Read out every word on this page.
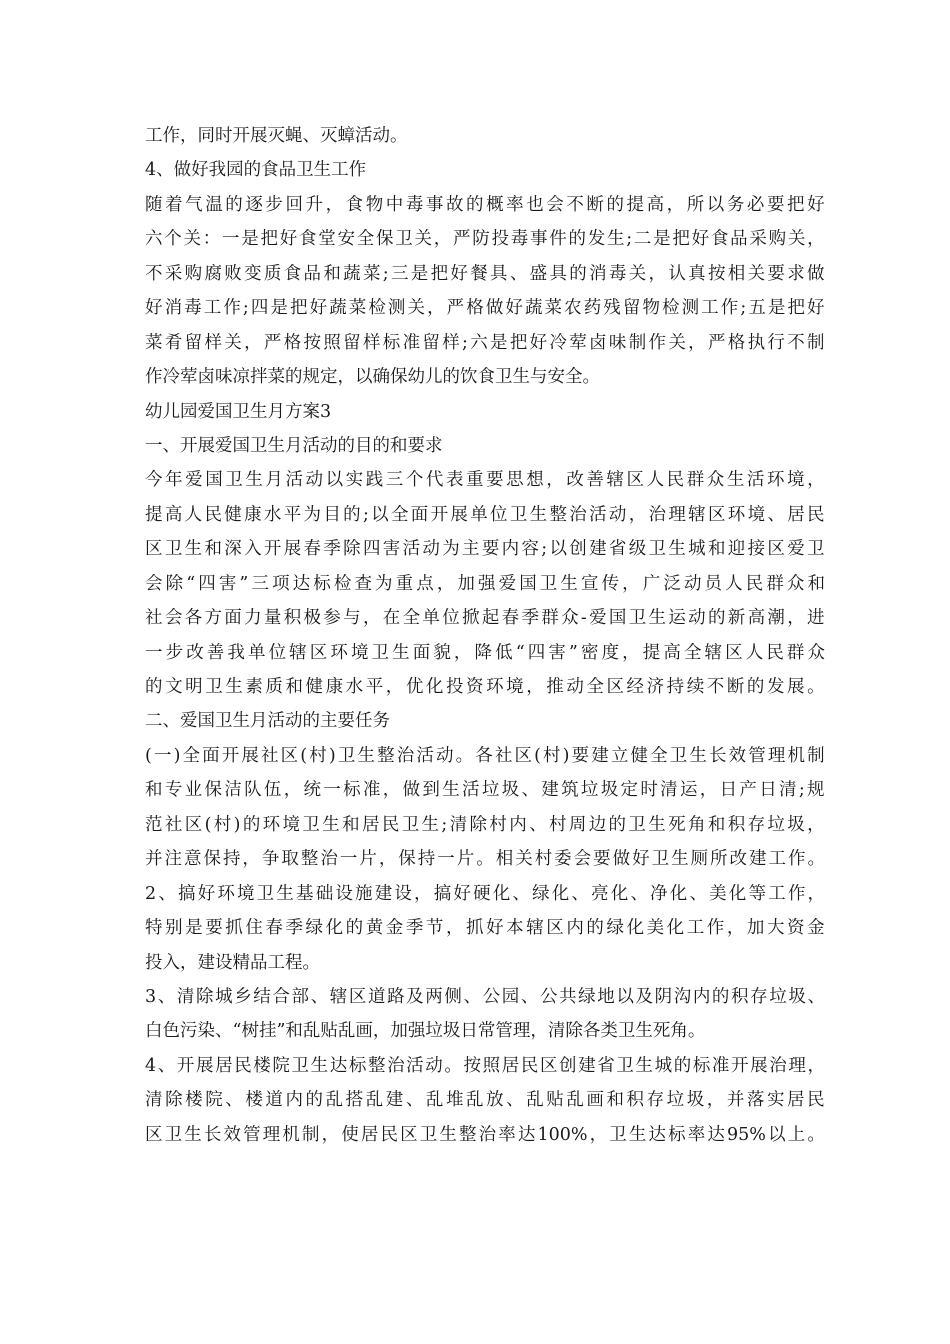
工作，同时开展灭蝇、灭蟑活动。
4、做好我园的食品卫生工作
随 着 气 温 的 逐 步 回 升 ， 食 物 中 毒 事 故 的 概 率 也 会 不 断 的 提 高 ， 所 以 务 必 要 把 好
六 个 关 ： 一 是 把 好 食 堂 安 全 保 卫 关 ， 严 防 投 毒 事 件 的 发 生 ; 二 是 把 好 食 品 采 购 关 ，
不 采 购 腐 败 变 质 食 品 和 蔬 菜 ; 三 是 把 好 餐 具 、 盛 具 的 消 毒 关 ， 认 真 按 相 关 要 求 做
好 消 毒 工 作 ; 四 是 把 好 蔬 菜 检 测 关 ， 严 格 做 好 蔬 菜 农 药 残 留 物 检 测 工 作 ; 五 是 把 好
菜 肴 留 样 关 ， 严 格 按 照 留 样 标 准 留 样 ; 六 是 把 好 冷 荤 卤 味 制 作 关 ， 严 格 执 行 不 制
作冷荤卤味凉拌菜的规定，以确保幼儿的饮食卫生与安全。
幼儿园爱国卫生月方案3
一、开展爱国卫生月活动的目的和要求
今 年 爱 国 卫 生 月 活 动 以 实 践 三 个 代 表 重 要 思 想 ， 改 善 辖 区 人 民 群 众 生 活 环 境 ，
提 高 人 民 健 康 水 平 为 目 的 ; 以 全 面 开 展 单 位 卫 生 整 治 活 动 ， 治 理 辖 区 环 境 、 居 民
区 卫 生 和 深 入 开 展 春 季 除 四 害 活 动 为 主 要 内 容 ; 以 创 建 省 级 卫 生 城 和 迎 接 区 爱 卫
会 除 “ 四 害 ” 三 项 达 标 检 查 为 重 点 ， 加 强 爱 国 卫 生 宣 传 ， 广 泛 动 员 人 民 群 众 和
社 会 各 方 面 力 量 积 极 参 与 ， 在 全 单 位 掀 起 春 季 群 众 - 爱 国 卫 生 运 动 的 新 高 潮 ， 进
一 步 改 善 我 单 位 辖 区 环 境 卫 生 面 貌 ， 降 低 “ 四 害 ” 密 度 ， 提 高 全 辖 区 人 民 群 众
的 文 明 卫 生 素 质 和 健 康 水 平 ， 优 化 投 资 环 境 ， 推 动 全 区 经 济 持 续 不 断 的 发 展 。
二、爱国卫生月活动的主要任务
( 一 ) 全 面 开 展 社 区 ( 村 ) 卫 生 整 治 活 动 。 各 社 区 ( 村 ) 要 建 立 健 全 卫 生 长 效 管 理 机 制
和 专 业 保 洁 队 伍 ， 统 一 标 准 ， 做 到 生 活 垃 圾 、 建 筑 垃 圾 定 时 清 运 ， 日 产 日 清 ; 规
范 社 区 ( 村 ) 的 环 境 卫 生 和 居 民 卫 生 ; 清 除 村 内 、 村 周 边 的 卫 生 死 角 和 积 存 垃 圾 ，
并 注 意 保 持 ， 争 取 整 治 一 片 ， 保 持 一 片 。 相 关 村 委 会 要 做 好 卫 生 厕 所 改 建 工 作 。
2 、 搞 好 环 境 卫 生 基 础 设 施 建 设 ， 搞 好 硬 化 、 绿 化 、 亮 化 、 净 化 、 美 化 等 工 作 ，
特 别 是 要 抓 住 春 季 绿 化 的 黄 金 季 节 ， 抓 好 本 辖 区 内 的 绿 化 美 化 工 作 ， 加 大 资 金
投入，建设精品工程。
3 、 清 除 城 乡 结 合 部 、 辖 区 道 路 及 两 侧 、 公 园 、 公 共 绿 地 以 及 阴 沟 内 的 积 存 垃 圾 、
白色污染、“树挂”和乱贴乱画，加强垃圾日常管理，清除各类卫生死角。
4 、 开 展 居 民 楼 院 卫 生 达 标 整 治 活 动 。 按 照 居 民 区 创 建 省 卫 生 城 的 标 准 开 展 治 理 ，
清 除 楼 院 、 楼 道 内 的 乱 搭 乱 建 、 乱 堆 乱 放 、 乱 贴 乱 画 和 积 存 垃 圾 ， 并 落 实 居 民
区 卫 生 长 效 管 理 机 制 ， 使 居 民 区 卫 生 整 治 率 达 100% ， 卫 生 达 标 率 达 95% 以 上 。
